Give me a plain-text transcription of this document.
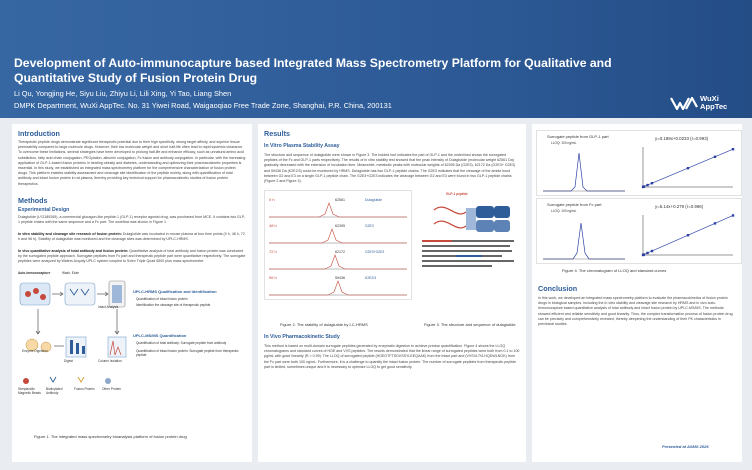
Development of Auto-immunocapture based Integrated Mass Spectrometry Platform for Qualitative and Quantitative Study of Fusion Protein Drug
Li Qu, Yongjing He, Siyu Liu, Zhiyu Li, Lili Xing, Yi Tao, Liang Shen
DMPK Department, WuXi AppTec. No. 31 Yiwei Road, Waigaoqiao Free Trade Zone, Shanghai, P.R. China, 200131
WuXi
AppTec
Introduction
Therapeutic peptide drugs demonstrate significant therapeutic potential due to their high specificity, strong target affinity, and superior tissue permeability compared to large-molecule drugs. However, their low molecular weight and short half-life often lead to rapid systemic clearance. To overcome these limitations, several strategies have been developed to prolong half-life and enhance efficacy, such as unnatural amino acid substitution, fatty acid chain conjugation, PEGylation, albumin conjugation, Fc fusion and antibody conjugation. In particular, with the increasing application of GLP-1-based fusion proteins in treating obesity and diabetes, understanding and optimizing their pharmacokinetic properties is essential. In this study, we established an integrated mass spectrometry platform for the comprehensive characterization of fusion protein drugs. This platform enables stability assessment and cleavage site identification of the peptide moiety, along with quantification of total antibody and intact fusion protein in rat plasma, thereby providing key technical support for pharmacokinetic studies of fusion protein therapeutics.
Methods
Experimental Design
Dulaglutide (LY2189265), a commercial glucagon-like peptide-1 (GLP-1) receptor agonist drug, was purchased from MCE. It contains two GLP-1 peptide chains with the same sequence and a Fc part. The workflow was shown in Figure 1.
In vitro stability and cleavage site research of fusion protein: Dulaglutide was incubated in mouse plasma at four time points (0 h, 48 h, 72 h and 96 h). Stability of dulaglutide was monitored and the cleavage sites was determined by UPLC-HRMS.
In vivo quantitative analysis of total antibody and fusion protein: Quantitative analysis of total antibody and fusion protein was conducted by the surrogated peptide approach. Surrogate peptides from Fc part and therapeutic peptide part were quantitative respectively. The surrogate peptides were analyzed by Waters Acquity UPLC system coupled to Sciex Triple Quad 6500 plus mass spectrometer.
Auto-immunocapture	Wash, Elute
Enzyme Digestion
Digest
Intact Analysis
Column Isolation
Streptavidin Magnetic Beads
Biotinylated Antibody
Fusion Protein	Other Protein
UPLC-HRMS Qualification and Identification
Quantification of intact fusion protein
Identification the cleavage site of therapeutic peptide
UPLC-MS/MS Quantification
Quantification of total antibody: Surrogate peptide from antibody
Quantification of intact fusion protein: Surrogate peptide from therapeutic peptide
Figure 1. The integrated mass spectrometry bioanalysis platform of fusion protein drug
Results
In Vitro Plasma Stability Assay
The structure and sequence of dulaglutide were shown in Figure 3. The bolded font indicates the part of GLP-1 and the underlined shows the surrogated peptides of the Fc and GLP-1 parts respectively. The results of in vitro stability test showed that the peak intensity of Dulaglutide (molecular weight 62561 Da) gradually decreased with the extension of incubation time. Meanwhile, metabolic peaks with molecular weights of 62395 Da (G2E3), 62172 Da (G2E3+ G2E3) and 59436 Da (K2E2/3) could be monitored by HRMS. Dulaglutide has two GLP-1 peptide chains. The G2E3 indicates that the cleavage of the amide bond between G2 and E3 on a single GLP-1 peptide chain. The G2E3+G2E3 indicates the cleavage between G2 and E3 were found in two GLP-1 peptide chains (Figure 2 and Figure 3).
0 h	62561	Dulaglutide
48 h	62395	G2E3
72 h	62172	G2E3+G2E3
96 h	59436	K2E2/3
Figure 2. The stability of dulaglutide by LC-HRMS
GLP-1 peptide
Figure 3. The structure and sequence of dulaglutide
In Vivo Pharmacokinetic Study
This method is based on multi-domain surrogate peptides generated by enzymatic digestion to achieve precise quantification. Figure 4 shows the LLOQ chromatograms and standard curves of HGE and VVS peptides. The results demonstrated that the linear range of surrogated peptides were both from 0.1 to 100 µg/mL with good linearity (R > 0.99). The LLOQ of surrogated peptide (HGEGTFTSDVSSYLEEQAAK) from the intact part and (VVSVLTVLHQDWLNGK) from the Fc part were both 100 ng/mL. Furthermore, it is a challenge to quantify the intact fusion protein. The number of surrogate peptides from therapeutic peptide part is limited, sometimes unique and it is necessary to optimize LLOQ to get good sensitivity.
Surrogate peptide from GLP-1 part
LLOQ: 100 ng/mL
y=0.189x+0.0233 (r=0.993)
Surrogate peptide from Fc part
LLOQ: 100 ng/mL
y=5.14x+0.279 (r=0.996)
Figure 4. The chromatogram of LLOQ and standard curves
Conclusion
In this work, we developed an integrated mass spectrometry platform to evaluate the pharmacokinetics of fusion protein drugs in biological samples. Including the in vitro stability and cleavage site research by HRMS and in vivo auto-immunocapture based quantitative analysis of total antibody and intact fusion protein by UPLC-MS/MS. The methods showed efficient and reliable sensitivity and good linearity. Thus, the complex transformation process of fusion protein drug can be precisely and comprehensively revealed, thereby deepening the understanding of their PK characteristics in preclinical studies.
Presented at ASMS 2026
